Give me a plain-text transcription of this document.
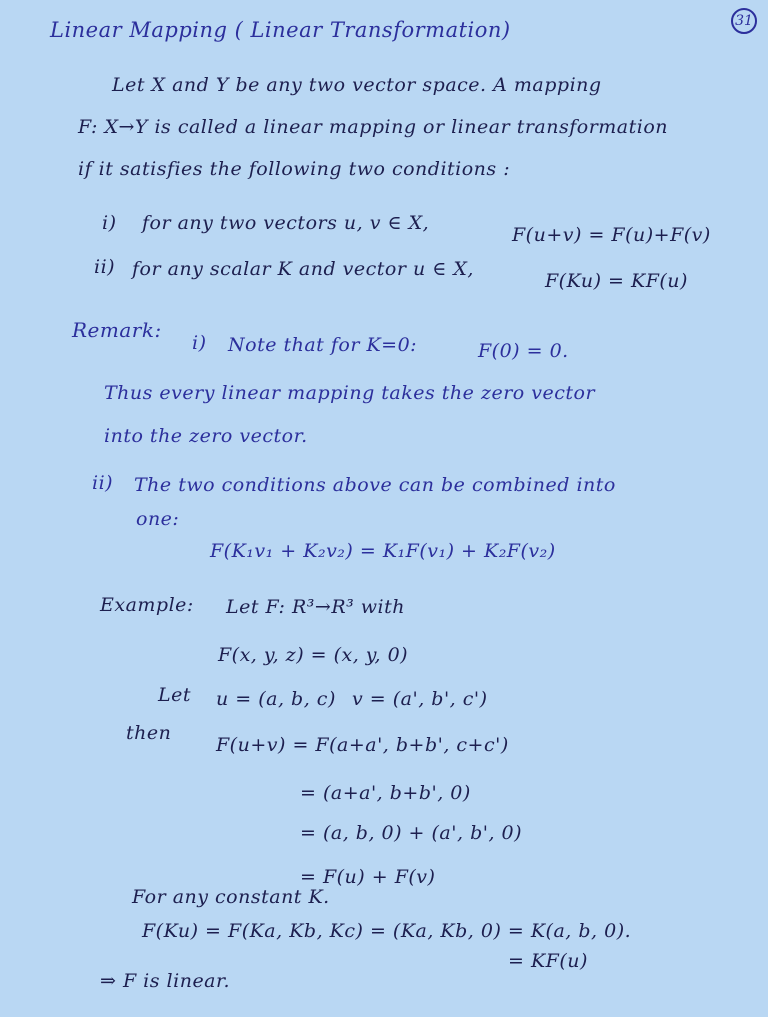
31
Linear Mapping ( Linear Transformation)
Let X and Y be any two vector space. A mapping
F: X→Y is called a linear mapping or linear transformation
if it satisfies the following two conditions :
i) for any two vectors u, v ∈ X,
F(u+v) = F(u)+F(v)
ii) for any scalar K and vector u ∈ X,
F(Ku) = KF(u)
Remark:
i) Note that for K=0:	F(0) = 0.
Thus every linear mapping takes the zero vector
into the zero vector.
ii) The two conditions above can be combined into
one:
F(K₁v₁ + K₂v₂) = K₁F(v₁) + K₂F(v₂)
Example: Let F: R³→R³ with
F(x, y, z) = (x, y, 0)
Let u = (a, b, c) v = (a', b', c')
then
F(u+v) = F(a+a', b+b', c+c')
= (a+a', b+b', 0)
= (a, b, 0) + (a', b', 0)
= F(u) + F(v)
For any constant K.
F(Ku) = F(Ka, Kb, Kc) = (Ka, Kb, 0) = K(a, b, 0).
= KF(u)
⇒ F is linear.
